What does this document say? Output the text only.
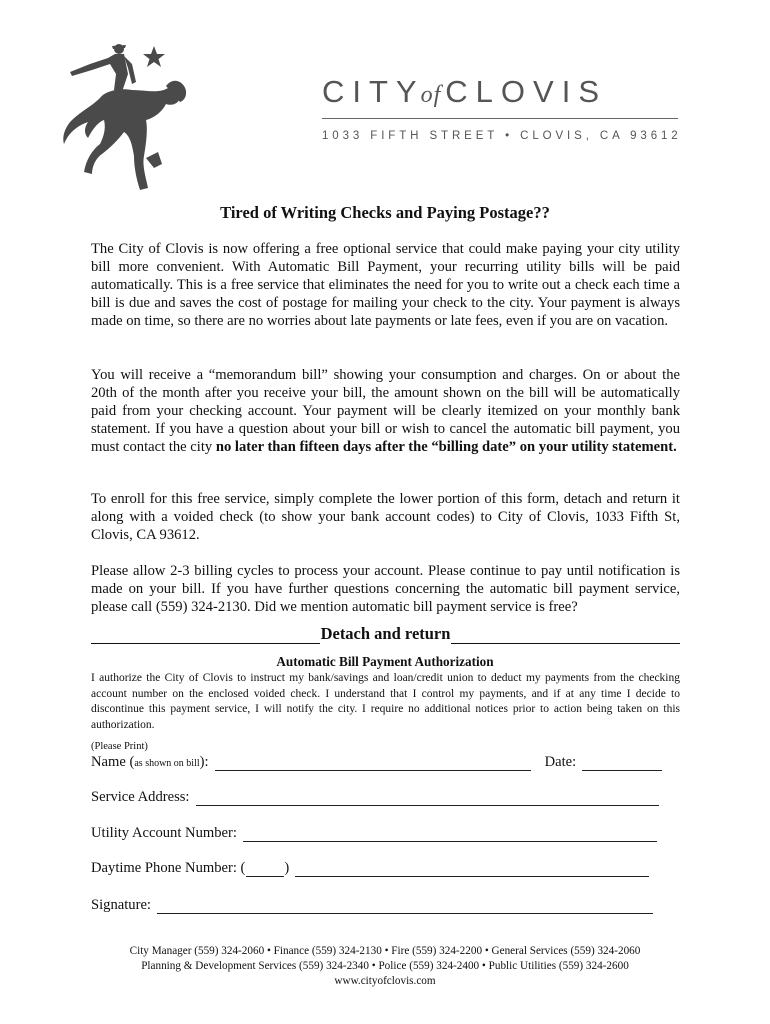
CITYof CLOVIS
1033 FIFTH STREET • CLOVIS, CA 93612
Tired of Writing Checks and Paying Postage??

The City of Clovis is now offering a free optional service that could make paying your city utility bill more convenient. With Automatic Bill Payment, your recurring utility bills will be paid automatically. This is a free service that eliminates the need for you to write out a check each time a bill is due and saves the cost of postage for mailing your check to the city. Your payment is always made on time, so there are no worries about late payments or late fees, even if you are on vacation.

You will receive a “memorandum bill” showing your consumption and charges. On or about the 20th of the month after you receive your bill, the amount shown on the bill will be automatically paid from your checking account. Your payment will be clearly itemized on your monthly bank statement. If you have a question about your bill or wish to cancel the automatic bill payment, you must contact the city no later than fifteen days after the “billing date” on your utility statement.

To enroll for this free service, simply complete the lower portion of this form, detach and return it along with a voided check (to show your bank account codes) to City of Clovis, 1033 Fifth St, Clovis, CA 93612.

Please allow 2-3 billing cycles to process your account. Please continue to pay until notification is made on your bill. If you have further questions concerning the automatic bill payment service, please call (559) 324-2130. Did we mention automatic bill payment service is free?

Detach and return
Automatic Bill Payment Authorization

I authorize the City of Clovis to instruct my bank/savings and loan/credit union to deduct my payments from the checking account number on the enclosed voided check. I understand that I control my payments, and if at any time I decide to discontinue this payment service, I will notify the city. I require no additional notices prior to action being taken on this authorization.

(Please Print)
Name (as shown on bill):	Date:
Service Address:
Utility Account Number:
Daytime Phone Number: (	)
Signature:
City Manager (559) 324-2060 • Finance (559) 324-2130 • Fire (559) 324-2200 • General Services (559) 324-2060
Planning & Development Services (559) 324-2340 • Police (559) 324-2400 • Public Utilities (559) 324-2600
www.cityofclovis.com
